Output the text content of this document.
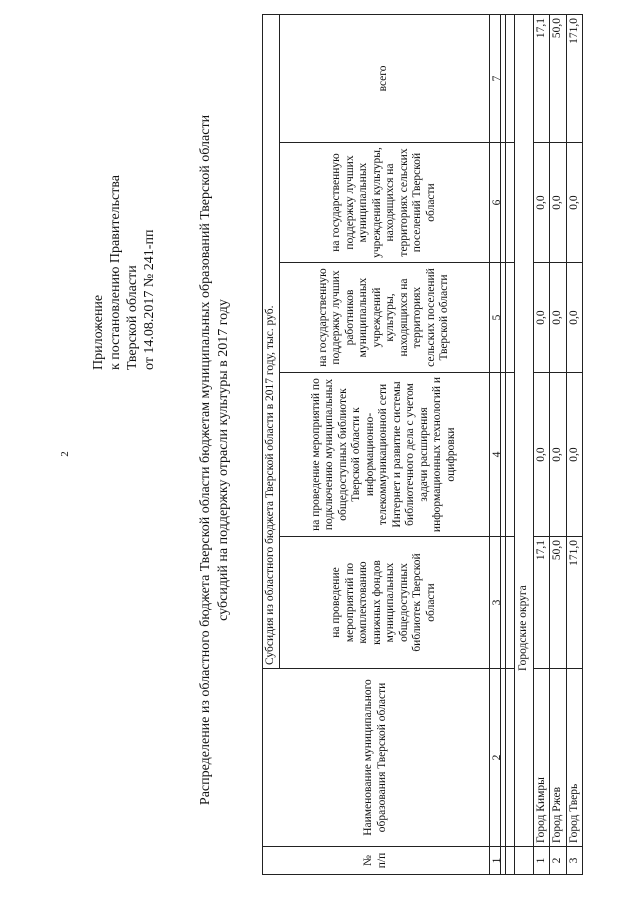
2
Приложение к постановлению Правительства Тверской области от 14.08.2017 № 241-пп	Распределение из областного бюджета Тверской области бюджетам муниципальных образований Тверской области субсидий на поддержку отрасли культуры в 2017 году
№ п/п	Наименование муниципального образования Тверской области	Субсидия из областного бюджета Тверской области в 2017 году, тыс. руб.				
		на проведение мероприятий по комплектованию книжных фондов муниципальных общедоступных библиотек Тверской области	на проведение мероприятий по подключению муниципальных общедоступных библиотек Тверской области к информационно-телекоммуникационной сети Интернет и развитие системы библиотечного дела с учетом задачи расширения информационных технологий и оцифровки	на государственную поддержку лучших работников муниципальных учреждений культуры, находящихся на территориях сельских поселений Тверской области	на государственную поддержку лучших муниципальных учреждений культуры, находящихся на территориях сельских поселений Тверской области	всего
1	2	3	4	5	6	7

	Городские округа					
1	Город Кимры	17,1	0,0	0,0	0,0	17,1
2	Город Ржев	50,0	0,0	0,0	0,0	50,0
3	Город Тверь	171,0	0,0	0,0	0,0	171,0
